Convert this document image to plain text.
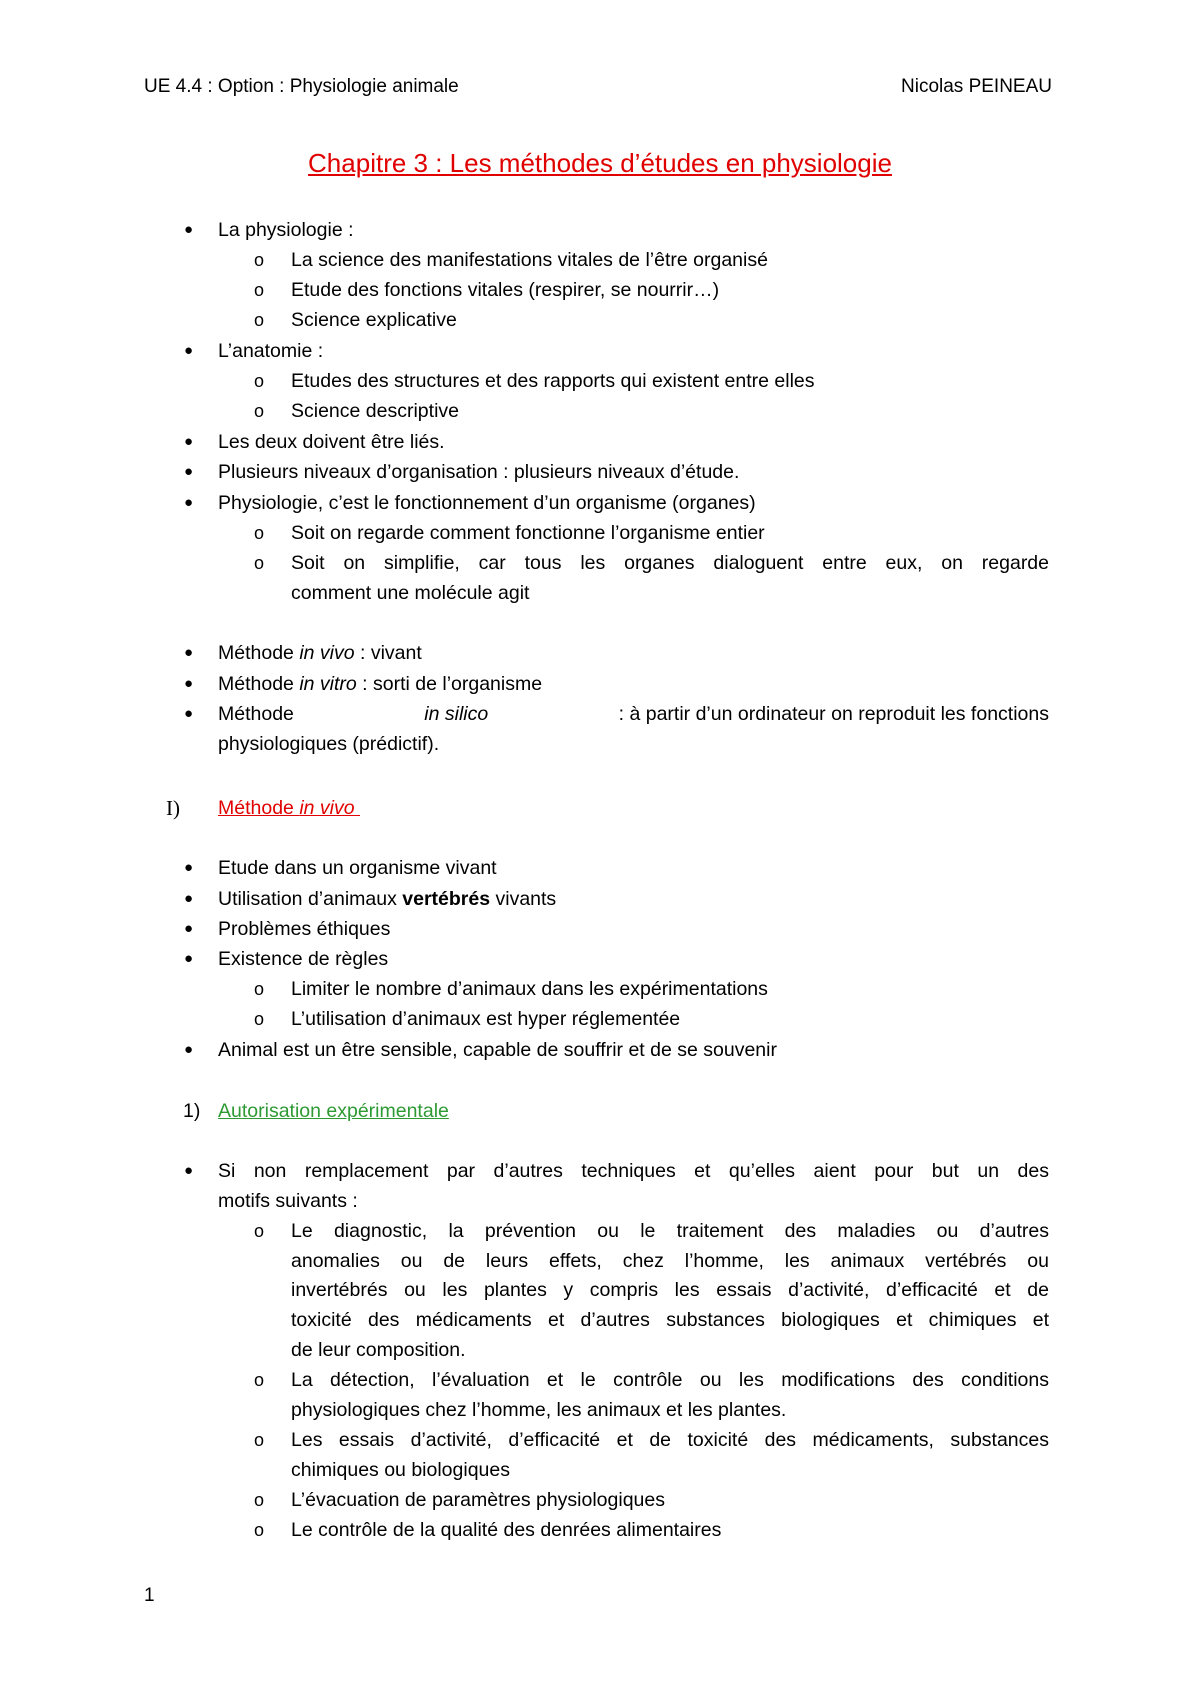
UE 4.4 : Option : Physiologie animale	Nicolas PEINEAU
Chapitre 3 : Les méthodes d’études en physiologie
● La physiologie :
o La science des manifestations vitales de l’être organisé
o Etude des fonctions vitales (respirer, se nourrir…)
o Science explicative
● L’anatomie :
o Etudes des structures et des rapports qui existent entre elles
o Science descriptive
● Les deux doivent être liés.
● Plusieurs niveaux d’organisation : plusieurs niveaux d’étude.
● Physiologie, c’est le fonctionnement d’un organisme (organes)
o Soit on regarde comment fonctionne l’organisme entier
o Soit on simplifie, car tous les organes dialoguent entre eux, on regarde
comment une molécule agit
● Méthode in vivo : vivant
● Méthode in vitro : sorti de l’organisme
● Méthode	in silico	: à partir d’un ordinateur on reproduit les fonctions
physiologiques (prédictif).
I) Méthode in vivo
● Etude dans un organisme vivant
● Utilisation d’animaux vertébrés vivants
● Problèmes éthiques
● Existence de règles
o Limiter le nombre d’animaux dans les expérimentations
o L’utilisation d’animaux est hyper réglementée
● Animal est un être sensible, capable de souffrir et de se souvenir
1) Autorisation expérimentale
● Si non remplacement par d’autres techniques et qu’elles aient pour but un des
motifs suivants :
o Le diagnostic, la prévention ou le traitement des maladies ou d’autres
anomalies ou de leurs effets, chez l’homme, les animaux vertébrés ou
invertébrés ou les plantes y compris les essais d’activité, d’efficacité et de
toxicité des médicaments et d’autres substances biologiques et chimiques et
de leur composition.
o La détection, l’évaluation et le contrôle ou les modifications des conditions
physiologiques chez l’homme, les animaux et les plantes.
o Les essais d’activité, d’efficacité et de toxicité des médicaments, substances
chimiques ou biologiques
o L’évacuation de paramètres physiologiques
o Le contrôle de la qualité des denrées alimentaires
1
